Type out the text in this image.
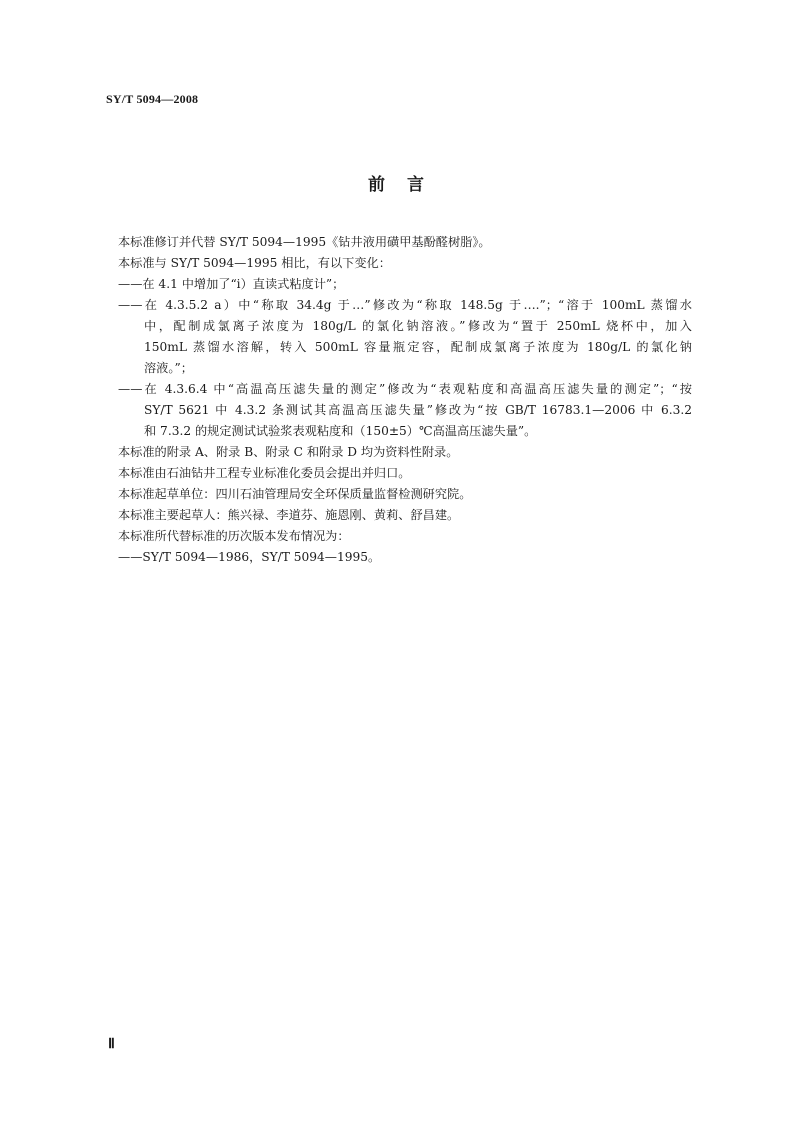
SY/T 5094—2008
前言

本标准修订并代替 SY/T 5094—1995《钻井液用磺甲基酚醛树脂》。

本标准与 SY/T 5094—1995 相比，有以下变化：

——在 4.1 中增加了“i）直读式粘度计”；

——在 4.3.5.2 a）中“称取 34.4g 于…”修改为“称取 148.5g 于….”；“溶于 100mL 蒸馏水
中，配制成氯离子浓度为 180g/L 的氯化钠溶液。”修改为“置于 250mL 烧杯中，加入
150mL 蒸馏水溶解，转入 500mL 容量瓶定容，配制成氯离子浓度为 180g/L 的氯化钠
溶液。”；
——在 4.3.6.4 中“高温高压滤失量的测定”修改为“表观粘度和高温高压滤失量的测定”；“按
SY/T 5621 中 4.3.2 条测试其高温高压滤失量”修改为“按 GB/T 16783.1—2006 中 6.3.2
和 7.3.2 的规定测试试验浆表观粘度和（150±5）℃高温高压滤失量”。

本标准的附录 A、附录 B、附录 C 和附录 D 均为资料性附录。

本标准由石油钻井工程专业标准化委员会提出并归口。

本标准起草单位：四川石油管理局安全环保质量监督检测研究院。

本标准主要起草人：熊兴禄、李道芬、施恩刚、黄莉、舒昌建。

本标准所代替标准的历次版本发布情况为：

——SY/T 5094—1986，SY/T 5094—1995。

Ⅱ
